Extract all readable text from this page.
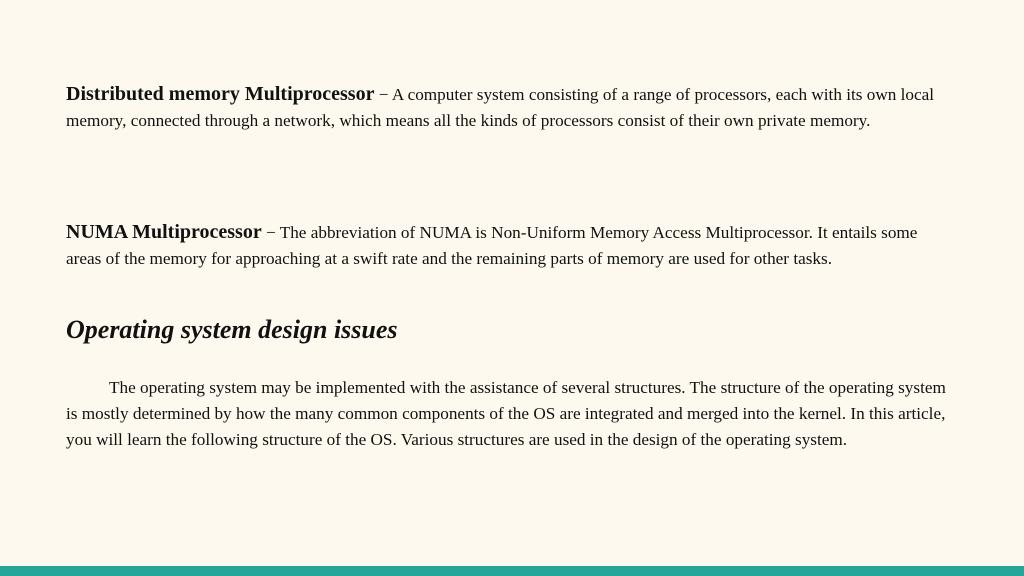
Distributed memory Multiprocessor − A computer system consisting of a range of processors, each with its own local memory, connected through a network, which means all the kinds of processors consist of their own private memory.

NUMA Multiprocessor − The abbreviation of NUMA is Non-Uniform Memory Access Multiprocessor. It entails some areas of the memory for approaching at a swift rate and the remaining parts of memory are used for other tasks.

Operating system design issues

The operating system may be implemented with the assistance of several structures. The structure of the operating system is mostly determined by how the many common components of the OS are integrated and merged into the kernel. In this article, you will learn the following structure of the OS. Various structures are used in the design of the operating system.
